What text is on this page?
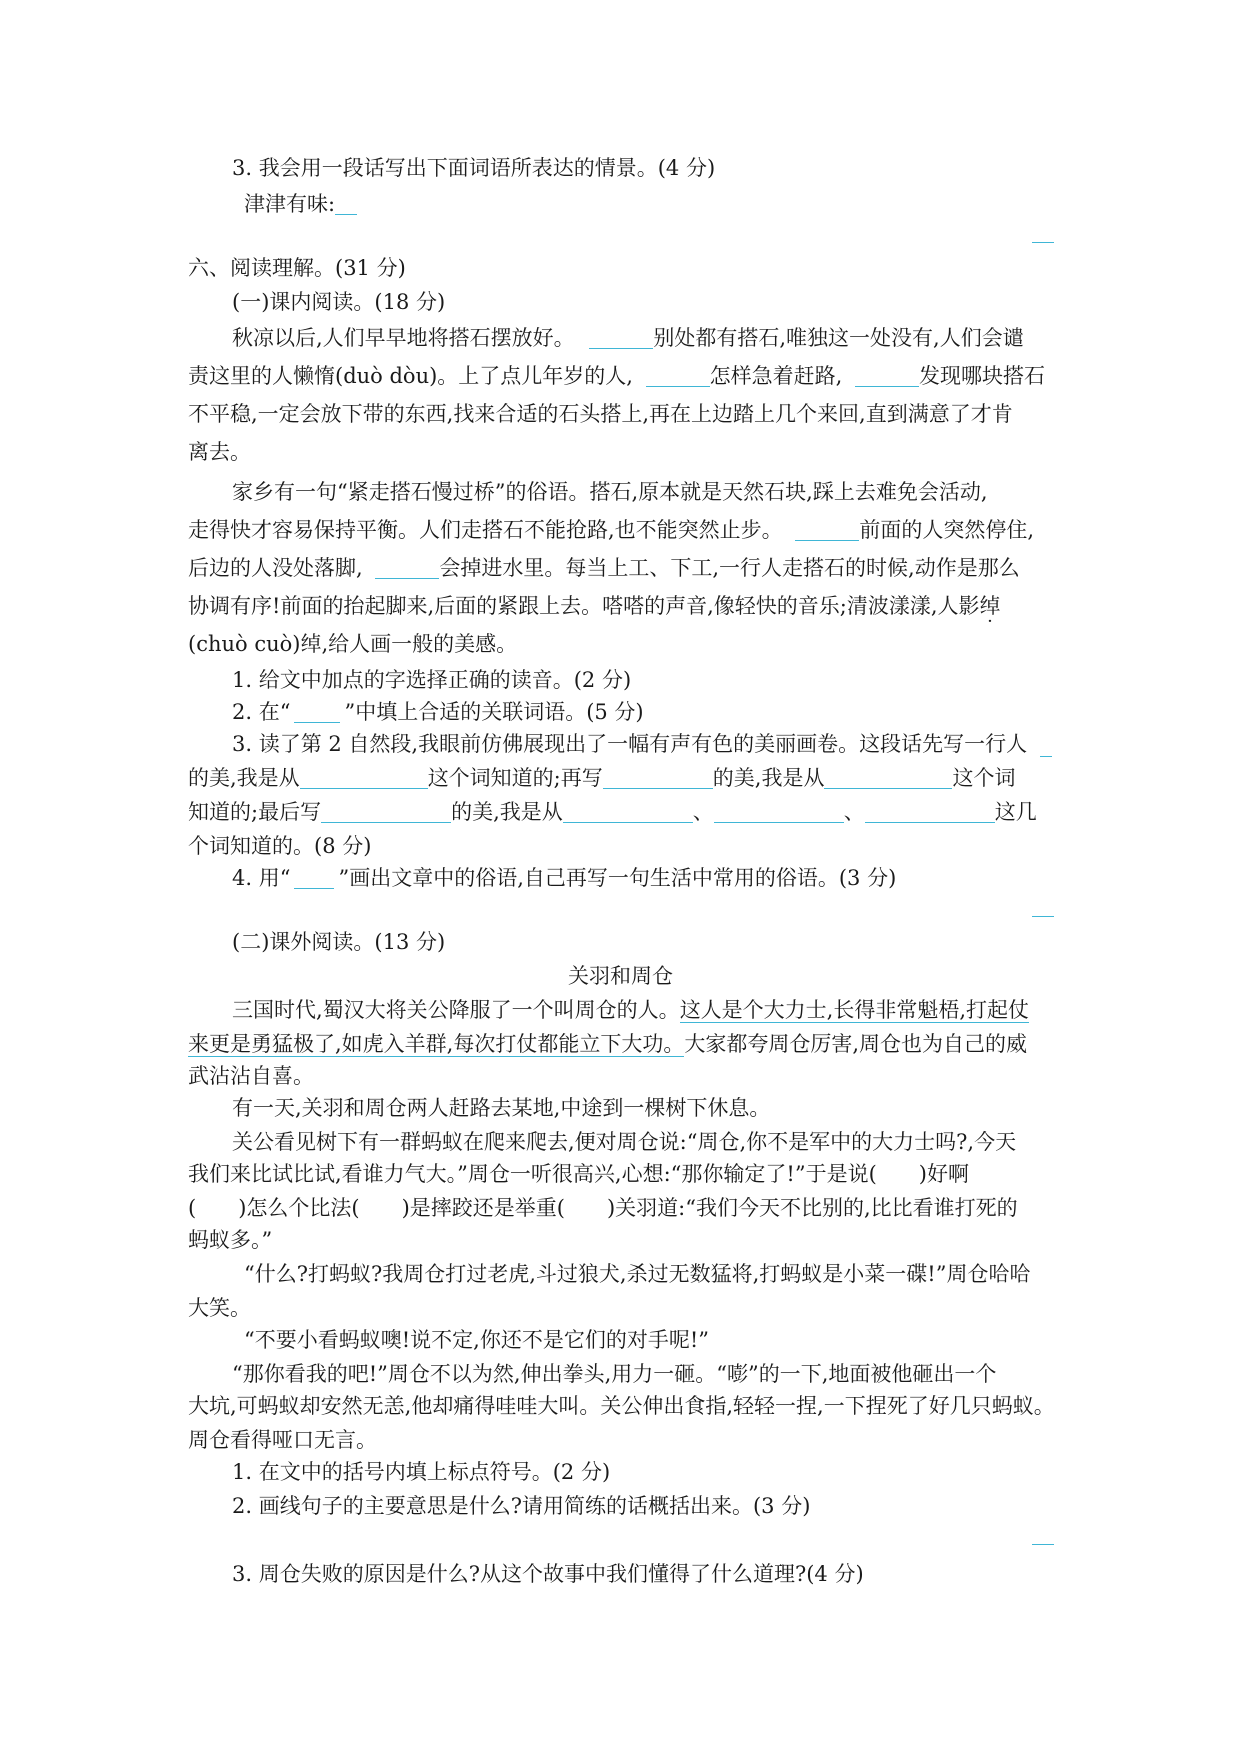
3. 我会用一段话写出下面词语所表达的情景。(4 分)
津津有味:
六、阅读理解。(31 分)
(一)课内阅读。(18 分)
秋凉以后,人们早早地将搭石摆放好。	别处都有搭石,唯独这一处没有,人们会谴
责这里的人懒惰(duò dòu)。上了点儿年岁的人,	怎样急着赶路,	发现哪块搭石
不平稳,一定会放下带的东西,找来合适的石头搭上,再在上边踏上几个来回,直到满意了才肯
离去。
家乡有一句“紧走搭石慢过桥”的俗语。搭石,原本就是天然石块,踩上去难免会活动,
走得快才容易保持平衡。人们走搭石不能抢路,也不能突然止步。	前面的人突然停住,
后边的人没处落脚,	会掉进水里。每当上工、下工,一行人走搭石的时候,动作是那么
协调有序!前面的抬起脚来,后面的紧跟上去。嗒嗒的声音,像轻快的音乐;清波漾漾,人影绰
(chuò cuò)绰,给人画一般的美感。
1. 给文中加点的字选择正确的读音。(2 分)
2. 在“	”中填上合适的关联词语。(5 分)
3. 读了第 2 自然段,我眼前仿佛展现出了一幅有声有色的美丽画卷。这段话先写一行人
的美,我是从	这个词知道的;再写	的美,我是从	这个词
知道的;最后写	的美,我是从	、	、	这几
个词知道的。(8 分)
4. 用“ ”画出文章中的俗语,自己再写一句生活中常用的俗语。(3 分)
(二)课外阅读。(13 分)
关羽和周仓
三国时代,蜀汉大将关公降服了一个叫周仓的人。这人是个大力士,长得非常魁梧,打起仗
来更是勇猛极了,如虎入羊群,每次打仗都能立下大功。大家都夸周仓厉害,周仓也为自己的威
武沾沾自喜。
有一天,关羽和周仓两人赶路去某地,中途到一棵树下休息。
关公看见树下有一群蚂蚁在爬来爬去,便对周仓说:“周仓,你不是军中的大力士吗?,今天
我们来比试比试,看谁力气大。”周仓一听很高兴,心想:“那你输定了!”于是说(　　)好啊
(　　)怎么个比法(　　)是摔跤还是举重(　　)关羽道:“我们今天不比别的,比比看谁打死的
蚂蚁多。”
“什么?打蚂蚁?我周仓打过老虎,斗过狼犬,杀过无数猛将,打蚂蚁是小菜一碟!”周仓哈哈
大笑。
“不要小看蚂蚁噢!说不定,你还不是它们的对手呢!”
“那你看我的吧!”周仓不以为然,伸出拳头,用力一砸。“嘭”的一下,地面被他砸出一个
大坑,可蚂蚁却安然无恙,他却痛得哇哇大叫。关公伸出食指,轻轻一捏,一下捏死了好几只蚂蚁。
周仓看得哑口无言。
1. 在文中的括号内填上标点符号。(2 分)
2. 画线句子的主要意思是什么?请用简练的话概括出来。(3 分)
3. 周仓失败的原因是什么?从这个故事中我们懂得了什么道理?(4 分)
